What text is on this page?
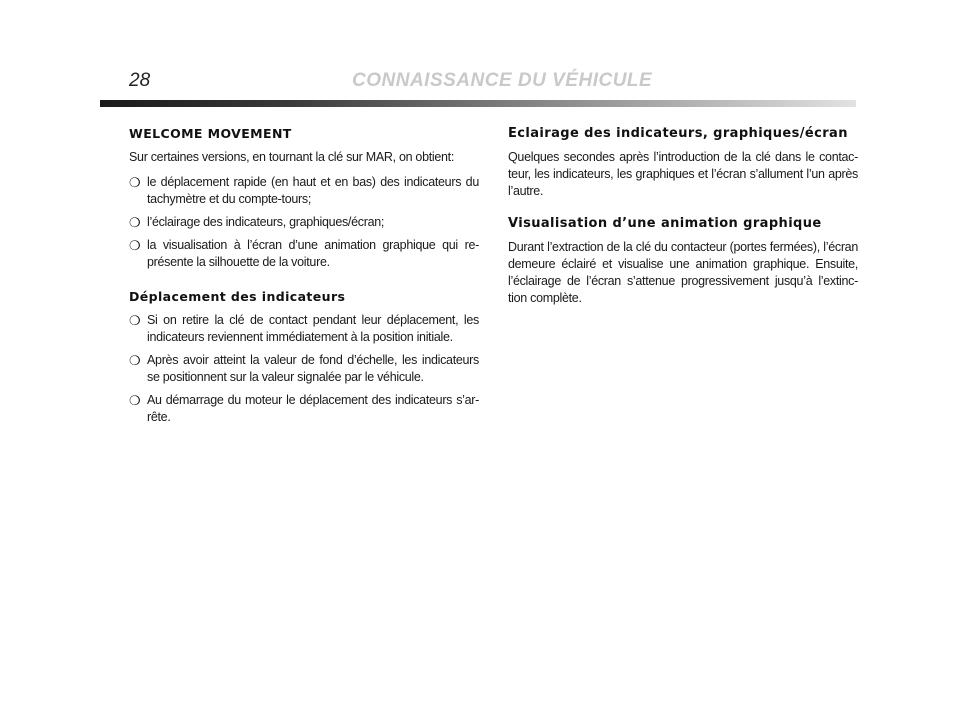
28	CONNAISSANCE DU VÉHICULE
WELCOME MOVEMENT

Sur certaines versions, en tournant la clé sur MAR, on obtient:

❍ le déplacement rapide (en haut et en bas) des indicateurs du tachymètre et du compte-tours;
❍ l’éclairage des indicateurs, graphiques/écran;
❍ la visualisation à l’écran d’une animation graphique qui re-présente la silhouette de la voiture.
Déplacement des indicateurs
❍ Si on retire la clé de contact pendant leur déplacement, les indicateurs reviennent immédiatement à la position initiale.
❍ Après avoir atteint la valeur de fond d’échelle, les indicateurs se positionnent sur la valeur signalée par le véhicule.
❍ Au démarrage du moteur le déplacement des indicateurs s’ar-rête.
Eclairage des indicateurs, graphiques/écran

Quelques secondes après l’introduction de la clé dans le contac-teur, les indicateurs, les graphiques et l’écran s’allument l’un après l’autre.

Visualisation d’une animation graphique

Durant l’extraction de la clé du contacteur (portes fermées), l’écran demeure éclairé et visualise une animation graphique. Ensuite, l’éclairage de l’écran s’attenue progressivement jusqu’à l’extinc-tion complète.
